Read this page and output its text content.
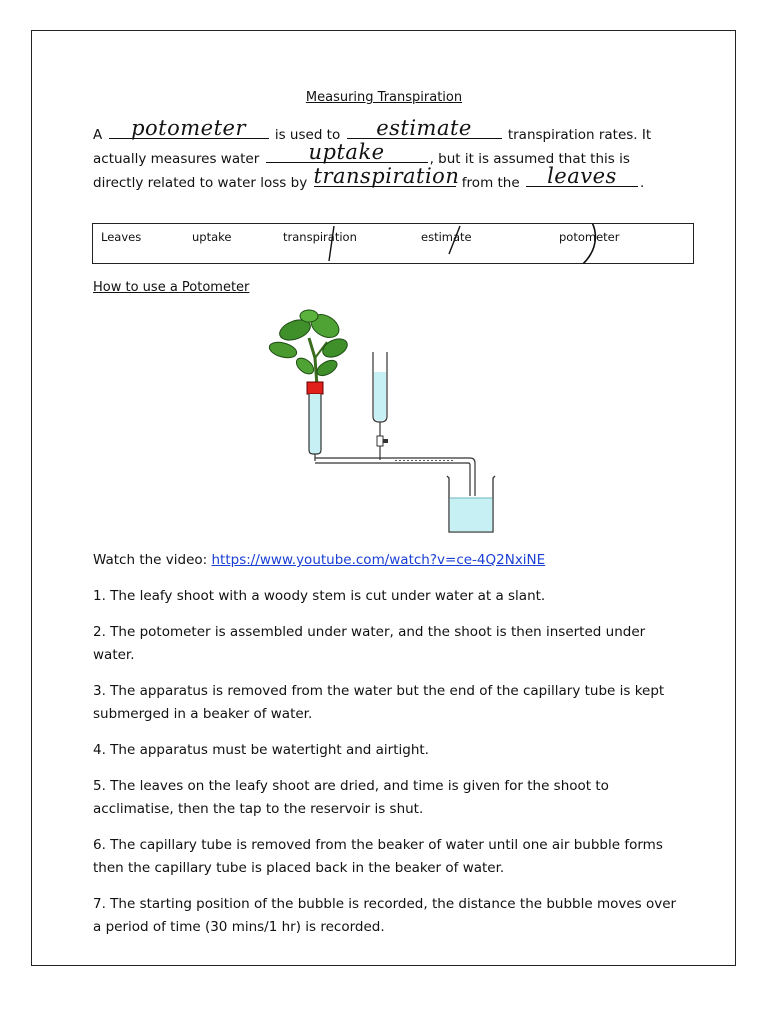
Measuring Transpiration
A	potometer	is used to	estimate	transpiration rates. It
actually measures water	uptake	, but it is assumed that this is
directly related to water loss by transpiration from the	leaves	.
Leaves	uptake	transpiration	estimate	potometer
How to use a Potometer
Watch the video: https://www.youtube.com/watch?v=ce-4Q2NxiNE
1. The leafy shoot with a woody stem is cut under water at a slant.
2. The potometer is assembled under water, and the shoot is then inserted under water.
3. The apparatus is removed from the water but the end of the capillary tube is kept submerged in a beaker of water.
4. The apparatus must be watertight and airtight.
5. The leaves on the leafy shoot are dried, and time is given for the shoot to acclimatise, then the tap to the reservoir is shut.
6. The capillary tube is removed from the beaker of water until one air bubble forms then the capillary tube is placed back in the beaker of water.
7. The starting position of the bubble is recorded, the distance the bubble moves over a period of time (30 mins/1 hr) is recorded.
